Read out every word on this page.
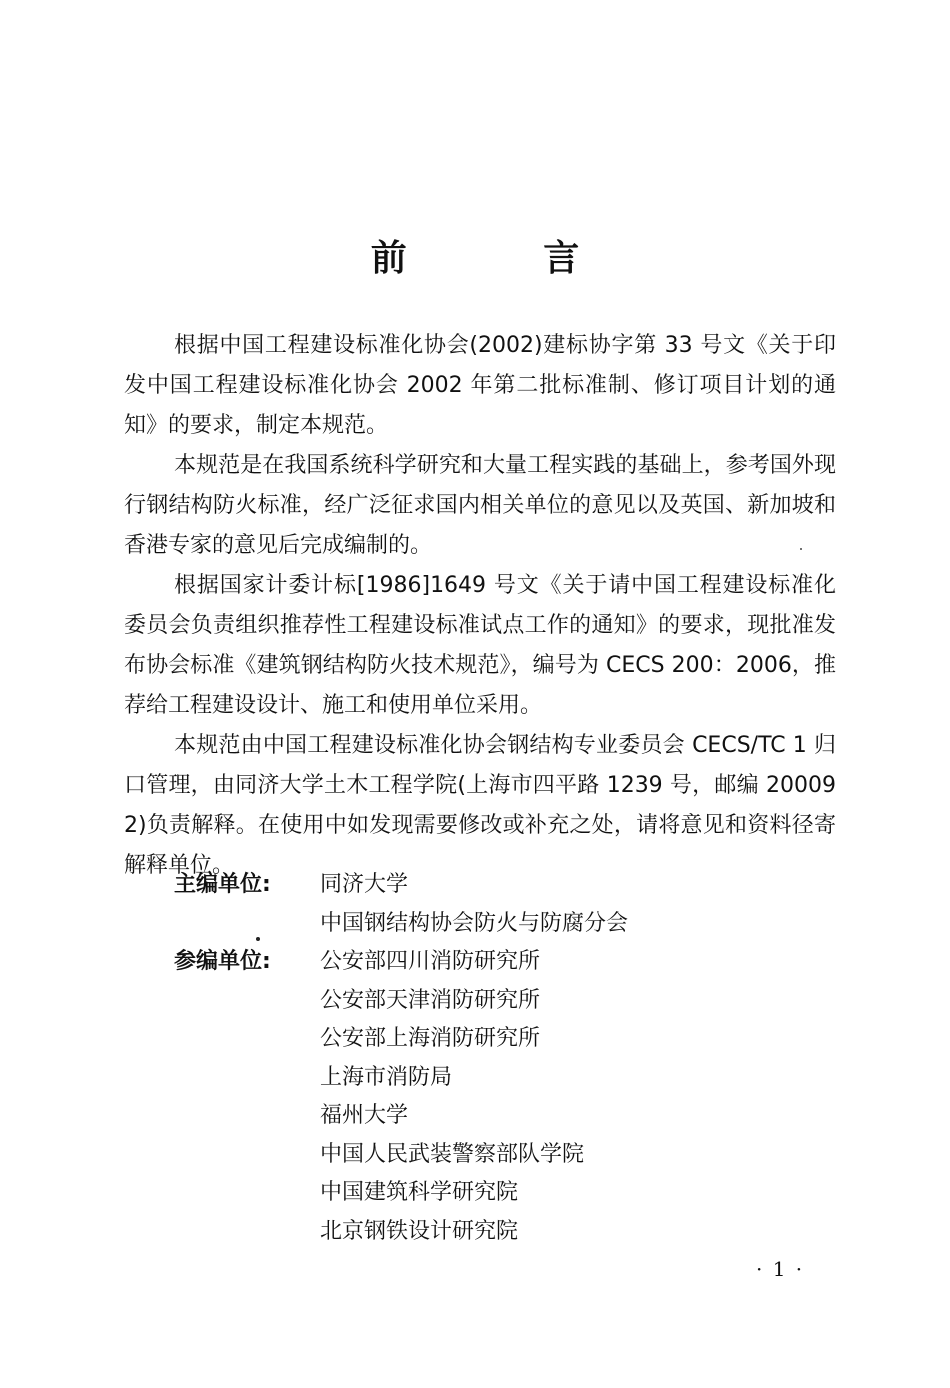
前 言

根据中国工程建设标准化协会(2002)建标协字第 33 号文《关于印发中国工程建设标准化协会 2002 年第二批标准制、修订项目计划的通知》的要求，制定本规范。

本规范是在我国系统科学研究和大量工程实践的基础上，参考国外现行钢结构防火标准，经广泛征求国内相关单位的意见以及英国、新加坡和香港专家的意见后完成编制的。

根据国家计委计标[1986]1649 号文《关于请中国工程建设标准化委员会负责组织推荐性工程建设标准试点工作的通知》的要求，现批准发布协会标准《建筑钢结构防火技术规范》，编号为 CECS 200：2006，推荐给工程建设设计、施工和使用单位采用。

本规范由中国工程建设标准化协会钢结构专业委员会 CECS/TC 1 归口管理，由同济大学土木工程学院(上海市四平路 1239 号，邮编 200092)负责解释。在使用中如发现需要修改或补充之处，请将意见和资料径寄解释单位。

主编单位:	同济大学
中国钢结构协会防火与防腐分会
参编单位: 公安部四川消防研究所
公安部天津消防研究所
公安部上海消防研究所
上海市消防局
福州大学
中国人民武装警察部队学院
中国建筑科学研究院
北京钢铁设计研究院
· 1 ·
